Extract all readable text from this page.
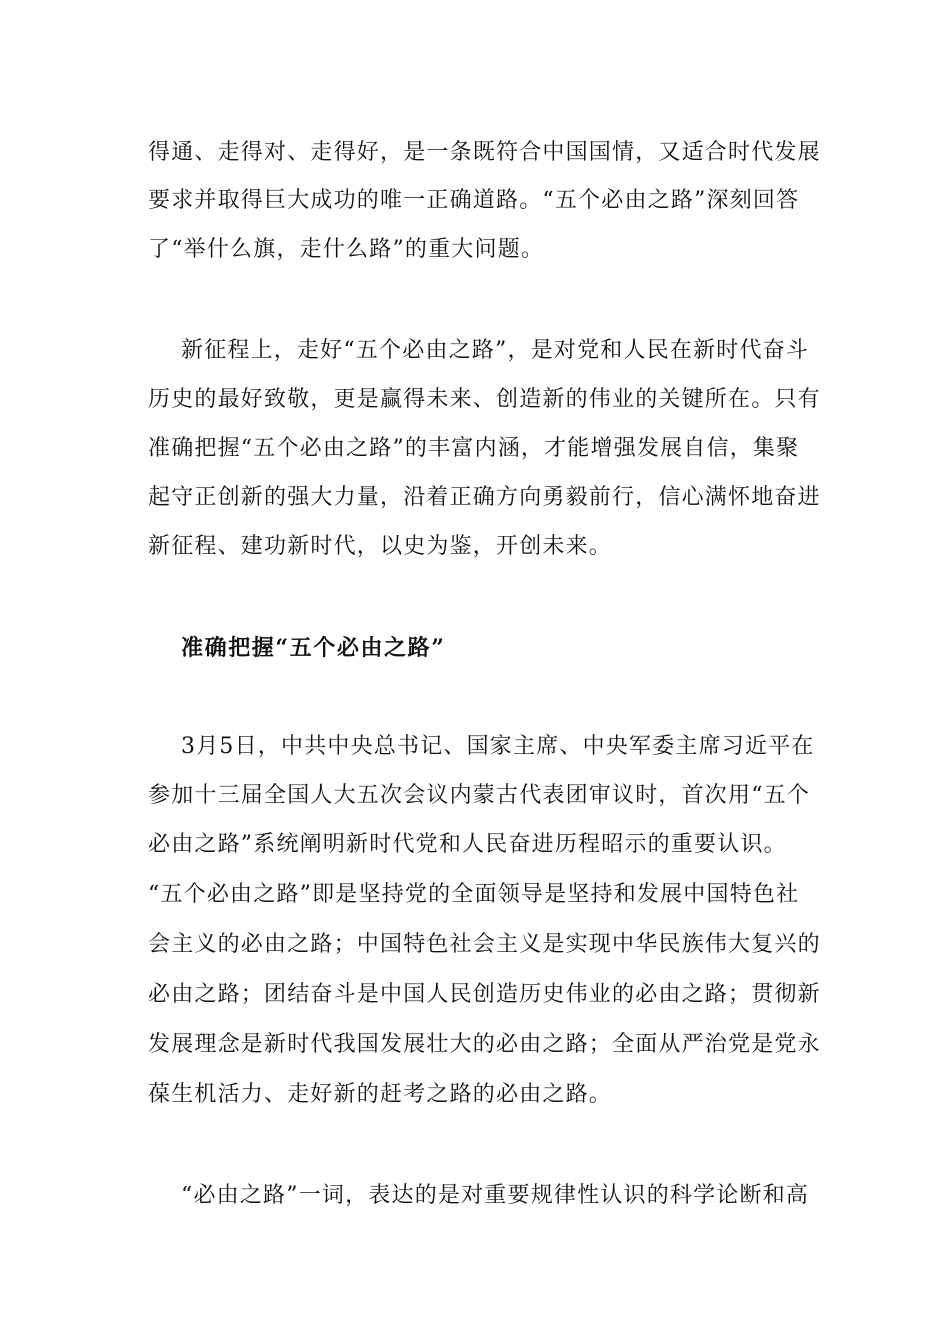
得通、走得对、走得好，是一条既符合中国国情，又适合时代发展
要求并取得巨大成功的唯一正确道路。“五个必由之路”深刻回答
了“举什么旗，走什么路”的重大问题。
新征程上，走好“五个必由之路”，是对党和人民在新时代奋斗
历史的最好致敬，更是赢得未来、创造新的伟业的关键所在。只有
准确把握“五个必由之路”的丰富内涵，才能增强发展自信，集聚
起守正创新的强大力量，沿着正确方向勇毅前行，信心满怀地奋进
新征程、建功新时代，以史为鉴，开创未来。
准确把握“五个必由之路”
3月5日，中共中央总书记、国家主席、中央军委主席习近平在
参加十三届全国人大五次会议内蒙古代表团审议时，首次用“五个
必由之路”系统阐明新时代党和人民奋进历程昭示的重要认识。
“五个必由之路”即是坚持党的全面领导是坚持和发展中国特色社
会主义的必由之路；中国特色社会主义是实现中华民族伟大复兴的
必由之路；团结奋斗是中国人民创造历史伟业的必由之路；贯彻新
发展理念是新时代我国发展壮大的必由之路；全面从严治党是党永
葆生机活力、走好新的赶考之路的必由之路。
“必由之路”一词，表达的是对重要规律性认识的科学论断和高
